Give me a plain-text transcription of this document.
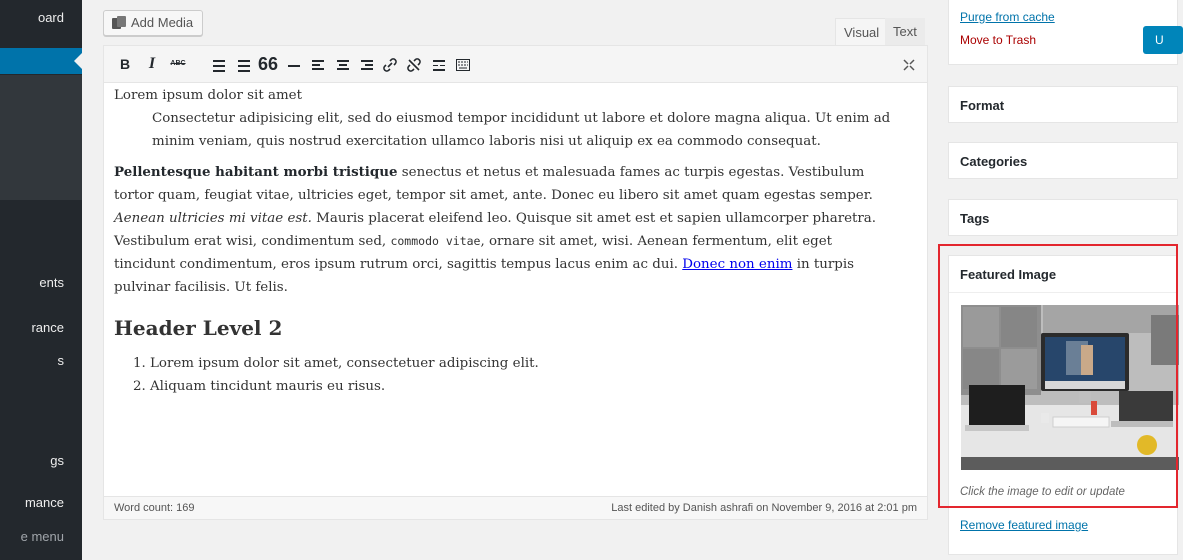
oard
ents
rance
s
gs
mance
e menu
Add Media
Visual	Text
B	I	ABC	66

Lorem ipsum dolor sit amet

Consectetur adipisicing elit, sed do eiusmod tempor incididunt ut labore et dolore magna aliqua. Ut enim ad minim veniam, quis nostrud exercitation ullamco laboris nisi ut aliquip ex ea commodo consequat.

Pellentesque habitant morbi tristique senectus et netus et malesuada fames ac turpis egestas. Vestibulum tortor quam, feugiat vitae, ultricies eget, tempor sit amet, ante. Donec eu libero sit amet quam egestas semper. Aenean ultricies mi vitae est. Mauris placerat eleifend leo. Quisque sit amet est et sapien ullamcorper pharetra. Vestibulum erat wisi, condimentum sed, commodo vitae, ornare sit amet, wisi. Aenean fermentum, elit eget tincidunt condimentum, eros ipsum rutrum orci, sagittis tempus lacus enim ac dui. Donec non enim in turpis pulvinar facilisis. Ut felis.

Header Level 2
1. Lorem ipsum dolor sit amet, consectetuer adipiscing elit.
2. Aliquam tincidunt mauris eu risus.
Word count: 169	Last edited by Danish ashrafi on November 9, 2016 at 2:01 pm
Purge from cache
Move to Trash	U
Format
Categories
Tags
Featured Image
Click the image to edit or update
Remove featured image
